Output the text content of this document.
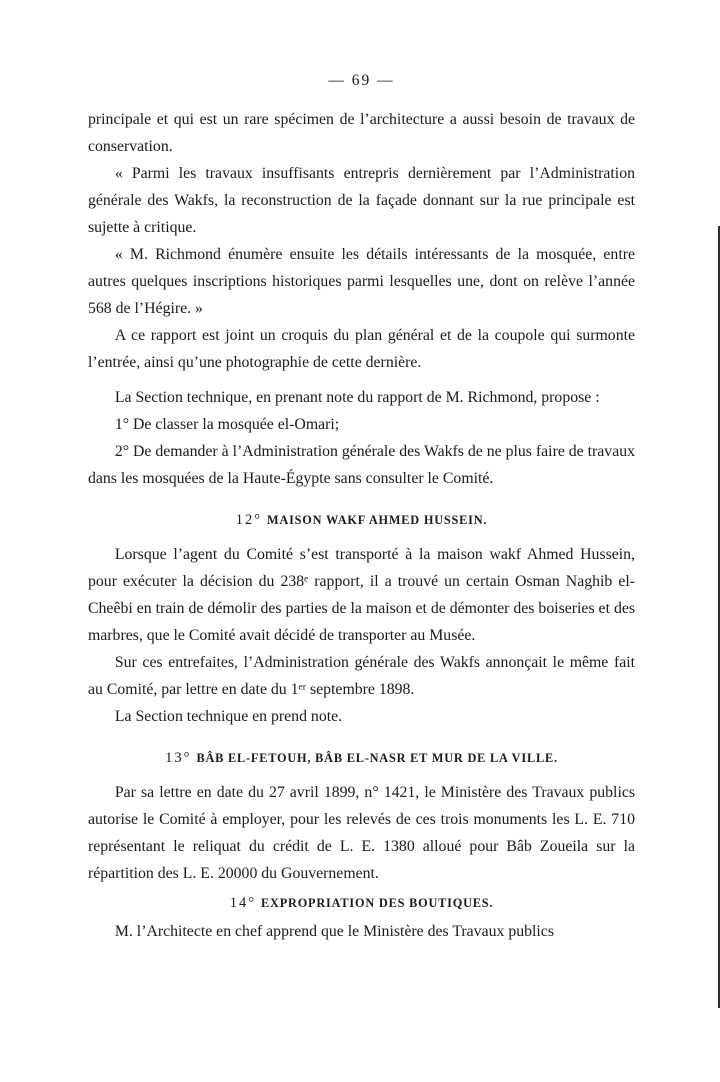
— 69 —

principale et qui est un rare spécimen de l’architecture a aussi besoin de travaux de conservation.

« Parmi les travaux insuffisants entrepris dernièrement par l’Administration générale des Wakfs, la reconstruction de la façade donnant sur la rue principale est sujette à critique.

« M. Richmond énumère ensuite les détails intéressants de la mosquée, entre autres quelques inscriptions historiques parmi lesquelles une, dont on relève l’année 568 de l’Hégire. »

A ce rapport est joint un croquis du plan général et de la coupole qui surmonte l’entrée, ainsi qu’une photographie de cette dernière.

La Section technique, en prenant note du rapport de M. Richmond, propose :

1° De classer la mosquée el-Omari;

2° De demander à l’Administration générale des Wakfs de ne plus faire de travaux dans les mosquées de la Haute-Égypte sans consulter le Comité.

12° MAISON WAKF AHMED HUSSEIN.

Lorsque l’agent du Comité s’est transporté à la maison wakf Ahmed Hussein, pour exécuter la décision du 238ᵉ rapport, il a trouvé un certain Osman Naghib el-Cheêbi en train de démolir des parties de la maison et de démonter des boiseries et des marbres, que le Comité avait décidé de transporter au Musée.

Sur ces entrefaites, l’Administration générale des Wakfs annonçait le même fait au Comité, par lettre en date du 1ᵉʳ septembre 1898.

La Section technique en prend note.

13° BÂB EL-FETOUH, BÂB EL-NASR ET MUR DE LA VILLE.

Par sa lettre en date du 27 avril 1899, n° 1421, le Ministère des Travaux publics autorise le Comité à employer, pour les relevés de ces trois monuments les L. E. 710 représentant le reliquat du crédit de L. E. 1380 alloué pour Bâb Zoueila sur la répartition des L. E. 20000 du Gouvernement.

14° EXPROPRIATION DES BOUTIQUES.

M. l’Architecte en chef apprend que le Ministère des Travaux publics
